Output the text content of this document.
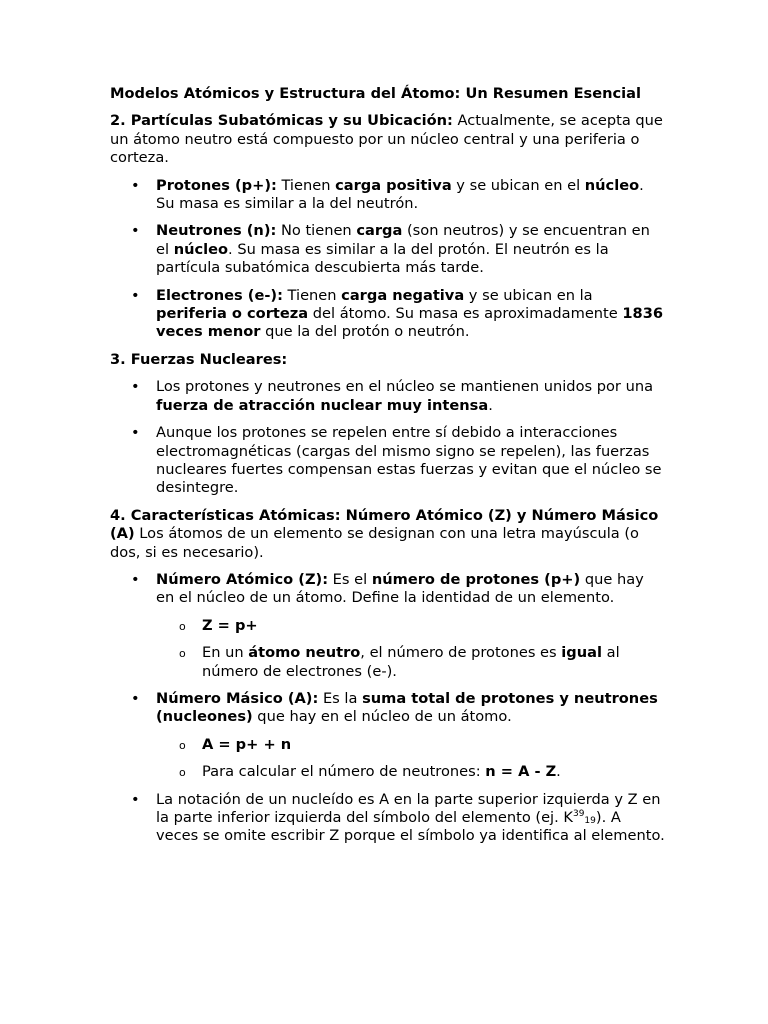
Modelos Atómicos y Estructura del Átomo: Un Resumen Esencial

2. Partículas Subatómicas y su Ubicación: Actualmente, se acepta que un átomo neutro está compuesto por un núcleo central y una periferia o corteza.

• Protones (p+): Tienen carga positiva y se ubican en el núcleo. Su masa es similar a la del neutrón.
• Neutrones (n): No tienen carga (son neutros) y se encuentran en el núcleo. Su masa es similar a la del protón. El neutrón es la partícula subatómica descubierta más tarde.
• Electrones (e-): Tienen carga negativa y se ubican en la periferia o corteza del átomo. Su masa es aproximadamente 1836 veces menor que la del protón o neutrón.

3. Fuerzas Nucleares:

• Los protones y neutrones en el núcleo se mantienen unidos por una fuerza de atracción nuclear muy intensa.
• Aunque los protones se repelen entre sí debido a interacciones electromagnéticas (cargas del mismo signo se repelen), las fuerzas nucleares fuertes compensan estas fuerzas y evitan que el núcleo se desintegre.

4. Características Atómicas: Número Atómico (Z) y Número Másico (A) Los átomos de un elemento se designan con una letra mayúscula (o dos, si es necesario).

• Número Atómico (Z): Es el número de protones (p+) que hay en el núcleo de un átomo. Define la identidad de un elemento.
o Z = p+
o En un átomo neutro, el número de protones es igual al número de electrones (e-).
• Número Másico (A): Es la suma total de protones y neutrones (nucleones) que hay en el núcleo de un átomo.
o A = p+ + n
o Para calcular el número de neutrones: n = A - Z.
• La notación de un nucleído es A en la parte superior izquierda y Z en la parte inferior izquierda del símbolo del elemento (ej. $K^{39}19$). A veces se omite escribir Z porque el símbolo ya identifica al elemento.
